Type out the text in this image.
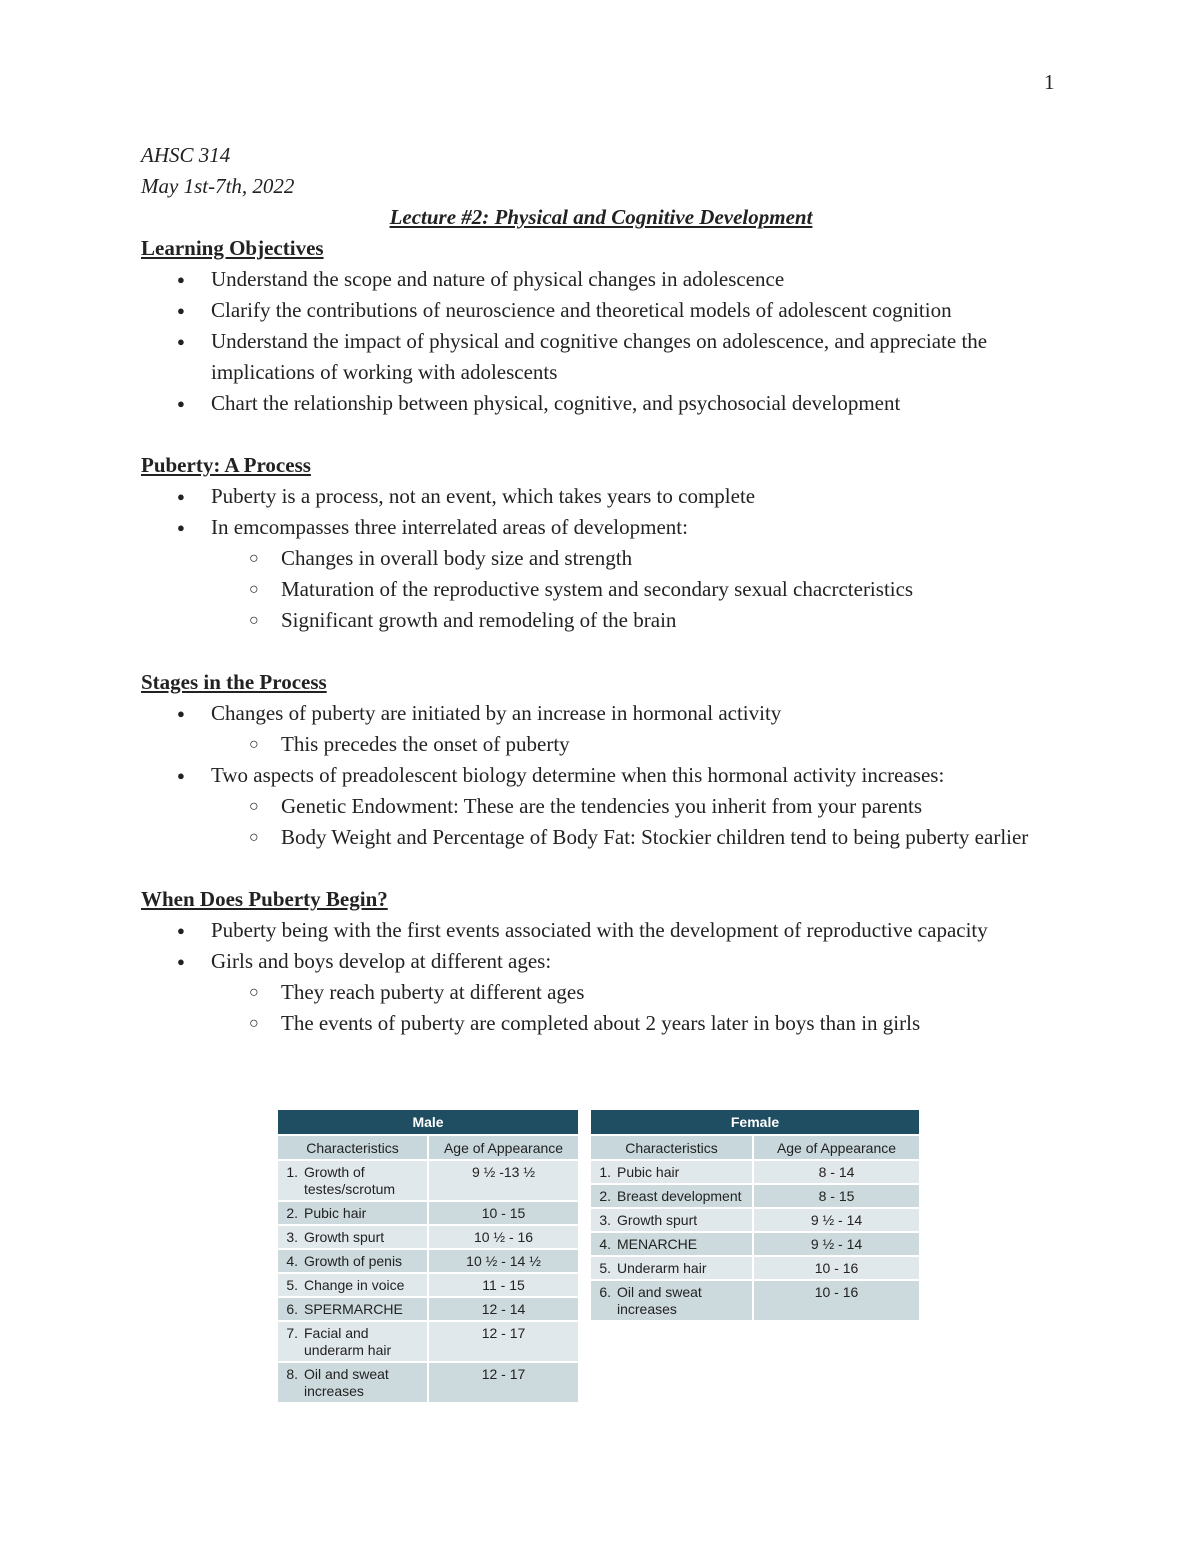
1
AHSC 314
May 1st-7th, 2022
Lecture #2: Physical and Cognitive Development
Learning Objectives
● Understand the scope and nature of physical changes in adolescence
● Clarify the contributions of neuroscience and theoretical models of adolescent cognition
● Understand the impact of physical and cognitive changes on adolescence, and appreciate the implications of working with adolescents
● Chart the relationship between physical, cognitive, and psychosocial development
Puberty: A Process
● Puberty is a process, not an event, which takes years to complete
● In emcompasses three interrelated areas of development:
○ Changes in overall body size and strength
○ Maturation of the reproductive system and secondary sexual chacrcteristics
○ Significant growth and remodeling of the brain
Stages in the Process
● Changes of puberty are initiated by an increase in hormonal activity
○ This precedes the onset of puberty
● Two aspects of preadolescent biology determine when this hormonal activity increases:
○ Genetic Endowment: These are the tendencies you inherit from your parents
○ Body Weight and Percentage of Body Fat: Stockier children tend to being puberty earlier
When Does Puberty Begin?
● Puberty being with the first events associated with the development of reproductive capacity
● Girls and boys develop at different ages:
○ They reach puberty at different ages
○ The events of puberty are completed about 2 years later in boys than in girls
Male		
Characteristics		Age of Appearance
1.	Growth of testes/scrotum	9 ½ -13 ½
2.	Pubic hair	10 - 15
3.	Growth spurt	10 ½ - 16
4.	Growth of penis	10 ½ - 14 ½
5.	Change in voice	11 - 15
6.	SPERMARCHE	12 - 14
7.	Facial and underarm hair	12 - 17
8.	Oil and sweat increases	12 - 17
Female		
Characteristics		Age of Appearance
1.	Pubic hair	8 - 14
2.	Breast development	8 - 15
3.	Growth spurt	9 ½ - 14
4.	MENARCHE	9 ½ - 14
5.	Underarm hair	10 - 16
6.	Oil and sweat increases	10 - 16
